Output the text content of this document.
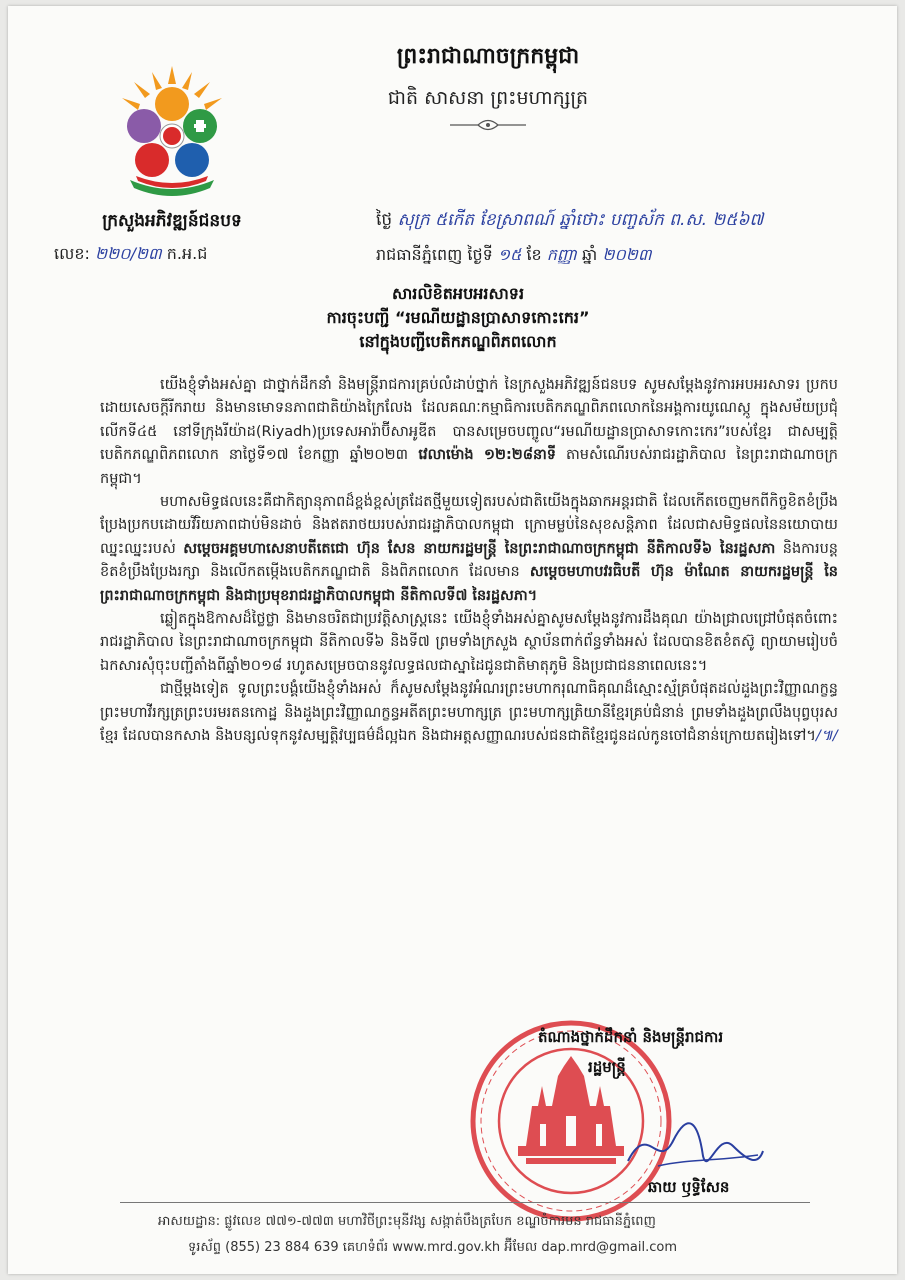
ក្រសួងអភិវឌ្ឍន៍ជនបទ
លេខ: ២២០/២៣ ក.អ.ជ
ព្រះរាជាណាចក្រកម្ពុជា
ជាតិ សាសនា ព្រះមហាក្សត្រ
ថ្ងៃ សុក្រ ៥កើត ខែស្រាពណ៍ ឆ្នាំថោះ បញ្ចស័ក ព.ស. ២៥៦៧
រាជធានីភ្នំពេញ ថ្ងៃទី ១៥ ខែ កញ្ញា ឆ្នាំ ២០២៣
សារលិខិតអបអរសាទរ
ការចុះបញ្ជី “រមណីយដ្ឋានប្រាសាទកោះកេរ”
នៅក្នុងបញ្ជីបេតិកភណ្ឌពិភពលោក

យើងខ្ញុំទាំងអស់គ្នា ជាថ្នាក់ដឹកនាំ និងមន្ត្រីរាជការគ្រប់លំដាប់ថ្នាក់ នៃក្រសួងអភិវឌ្ឍន៍ជនបទ សូមសម្តែងនូវការអបអរសាទរ ប្រកបដោយសេចក្តីរីករាយ និងមានមោទនភាពជាតិយ៉ាងក្រៃលែង ដែលគណៈកម្មាធិការបេតិកភណ្ឌពិភពលោកនៃអង្គការយូណេស្កូ ក្នុងសម័យប្រជុំលើកទី៤៥ នៅទីក្រុងរីយ៉ាដ(Riyadh)ប្រទេសអារ៉ាប៊ីសាអូឌីត បានសម្រេចបញ្ចូល“រមណីយដ្ឋានប្រាសាទកោះកេរ”របស់ខ្មែរ ជាសម្បត្តិបេតិកភណ្ឌពិភពលោក នាថ្ងៃទី១៧ ខែកញ្ញា ឆ្នាំ២០២៣ វេលាម៉ោង ១២:២៨នាទី តាមសំណើរបស់រាជរដ្ឋាភិបាល នៃព្រះរាជាណាចក្រកម្ពុជា។

មហាសមិទ្ធផលនេះគឺជាកិត្យានុភាពដ៏ខ្ពង់ខ្ពស់ត្រដែតថ្មីមួយទៀតរបស់ជាតិយើងក្នុងឆាកអន្តរជាតិ ដែលកើតចេញមកពីកិច្ចខិតខំប្រឹងប្រែងប្រកបដោយវីរិយភាពជាប់មិនដាច់ និងឥតរាថយរបស់រាជរដ្ឋាភិបាលកម្ពុជា ក្រោមម្លប់នៃសុខសន្តិភាព ដែលជាសមិទ្ធផលនៃនយោបាយឈ្នះឈ្នះរបស់ សម្តេចអគ្គមហាសេនាបតីតេជោ ហ៊ុន សែន នាយករដ្ឋមន្ត្រី នៃព្រះរាជាណាចក្រកម្ពុជា នីតិកាលទី៦ នៃរដ្ឋសភា និងការបន្តខិតខំប្រឹងប្រែងរក្សា និងលើកតម្កើងបេតិកភណ្ឌជាតិ និងពិភពលោក ដែលមាន សម្តេចមហាបវរធិបតី ហ៊ុន ម៉ាណែត នាយករដ្ឋមន្ត្រី នៃព្រះរាជាណាចក្រកម្ពុជា និងជាប្រមុខរាជរដ្ឋាភិបាលកម្ពុជា នីតិកាលទី៧ នៃរដ្ឋសភា។

ឆ្លៀតក្នុងឱកាសដ៏ថ្លៃថ្លា និងមានចរិតជាប្រវត្តិសាស្ត្រនេះ យើងខ្ញុំទាំងអស់គ្នាសូមសម្តែងនូវការដឹងគុណ យ៉ាងជ្រាលជ្រៅបំផុតចំពោះរាជរដ្ឋាភិបាល នៃព្រះរាជាណាចក្រកម្ពុជា នីតិកាលទី៦ និងទី៧ ព្រមទាំងក្រសួង ស្ថាប័នពាក់ព័ន្ធទាំងអស់ ដែលបានខិតខំតស៊ូ ព្យាយាមរៀបចំឯកសារសុំចុះបញ្ជីតាំងពីឆ្នាំ២០១៨ រហូតសម្រេចបាននូវលទ្ធផលជាស្នាដៃជូនជាតិមាតុភូមិ និងប្រជាជននាពេលនេះ។

ជាថ្មីម្តងទៀត ទូលព្រះបង្គំយើងខ្ញុំទាំងអស់ ក៏សូមសម្តែងនូវអំណរព្រះមហាករុណាធិគុណដ៏ស្មោះស្ម័គ្របំផុតដល់ដួងព្រះវិញ្ញាណក្ខន្ធ ព្រះមហាវីរក្សត្រព្រះបរមរតនកោដ្ឋ និងដួងព្រះវិញ្ញាណក្ខន្ធអតីតព្រះមហាក្សត្រ ព្រះមហាក្សត្រិយានីខ្មែរគ្រប់ជំនាន់ ព្រមទាំងដួងព្រលឹងបុព្វបុរសខ្មែរ ដែលបានកសាង និងបន្សល់ទុកនូវសម្បត្តិវប្បធម៌ដ៏ល្អឯក និងជាអត្តសញ្ញាណរបស់ជនជាតិខ្មែរជូនដល់កូនចៅជំនាន់ក្រោយតរៀងទៅ។/៕/

តំណាងថ្នាក់ដឹកនាំ និងមន្ត្រីរាជការ
រដ្ឋមន្ត្រី
ឆាយ ឫទ្ធិសែន
អាសយដ្ឋាន: ផ្លូវលេខ ៧៧១-៧៧៣ មហាវិថីព្រះមុនីវង្ស សង្កាត់បឹងត្របែក ខណ្ឌចំការមន រាជធានីភ្នំពេញ
ទូរស័ព្ទ (855) 23 884 639 គេហទំព័រ www.mrd.gov.kh អ៊ីមែល dap.mrd@gmail.com
